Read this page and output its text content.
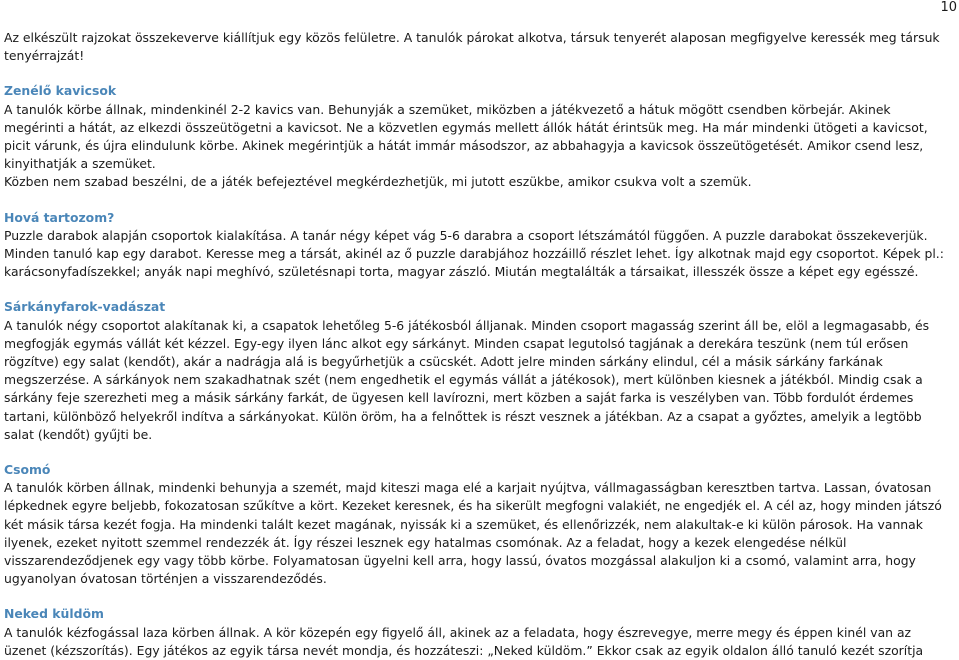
10

Az elkészült rajzokat összekeverve kiállítjuk egy közös felületre. A tanulók párokat alkotva, társuk tenyerét alaposan megfigyelve keressék meg társuk tenyérrajzát!

Zenélő kavicsok

A tanulók körbe állnak, mindenkinél 2-2 kavics van. Behunyják a szemüket, miközben a játékvezető a hátuk mögött csendben körbejár. Akinek megérinti a hátát, az elkezdi összeütögetni a kavicsot. Ne a közvetlen egymás mellett állók hátát érintsük meg. Ha már mindenki ütögeti a kavicsot, picit várunk, és újra elindulunk körbe. Akinek megérintjük a hátát immár másodszor, az abbahagyja a kavicsok összeütögetését. Amikor csend lesz, kinyithatják a szemüket.

Közben nem szabad beszélni, de a játék befejeztével megkérdezhetjük, mi jutott eszükbe, amikor csukva volt a szemük.

Hová tartozom?

Puzzle darabok alapján csoportok kialakítása. A tanár négy képet vág 5-6 darabra a csoport létszámától függően. A puzzle darabokat összekeverjük. Minden tanuló kap egy darabot. Keresse meg a társát, akinél az ő puzzle darabjához hozzáillő részlet lehet. Így alkotnak majd egy csoportot. Képek pl.: karácsonyfadíszekkel; anyák napi meghívó, születésnapi torta, magyar zászló. Miután megtalálták a társaikat, illesszék össze a képet egy egésszé.

Sárkányfarok-vadászat

A tanulók négy csoportot alakítanak ki, a csapatok lehetőleg 5-6 játékosból álljanak. Minden csoport magasság szerint áll be, elöl a legmagasabb, és megfogják egymás vállát két kézzel. Egy-egy ilyen lánc alkot egy sárkányt. Minden csapat legutolsó tagjának a derekára teszünk (nem túl erősen rögzítve) egy salat (kendőt), akár a nadrágja alá is begyűrhetjük a csücskét. Adott jelre minden sárkány elindul, cél a másik sárkány farkának megszerzése. A sárkányok nem szakadhatnak szét (nem engedhetik el egymás vállát a játékosok), mert különben kiesnek a játékból. Mindig csak a sárkány feje szerezheti meg a másik sárkány farkát, de ügyesen kell lavírozni, mert közben a saját farka is veszélyben van. Több fordulót érdemes tartani, különböző helyekről indítva a sárkányokat. Külön öröm, ha a felnőttek is részt vesznek a játékban. Az a csapat a győztes, amelyik a legtöbb salat (kendőt) gyűjti be.

Csomó

A tanulók körben állnak, mindenki behunyja a szemét, majd kiteszi maga elé a karjait nyújtva, vállmagasságban keresztben tartva. Lassan, óvatosan lépkednek egyre beljebb, fokozatosan szűkítve a kört. Kezeket keresnek, és ha sikerült megfogni valakiét, ne engedjék el. A cél az, hogy minden játszó két másik társa kezét fogja. Ha mindenki talált kezet magának, nyissák ki a szemüket, és ellenőrizzék, nem alakultak-e ki külön párosok. Ha vannak ilyenek, ezeket nyitott szemmel rendezzék át. Így részei lesznek egy hatalmas csomónak. Az a feladat, hogy a kezek elengedése nélkül visszarendeződjenek egy vagy több körbe. Folyamatosan ügyelni kell arra, hogy lassú, óvatos mozgással alakuljon ki a csomó, valamint arra, hogy ugyanolyan óvatosan történjen a visszarendeződés.

Neked küldöm

A tanulók kézfogással laza körben állnak. A kör közepén egy figyelő áll, akinek az a feladata, hogy észrevegye, merre megy és éppen kinél van az üzenet (kézszorítás). Egy játékos az egyik társa nevét mondja, és hozzáteszi: „Neked küldöm.” Ekkor csak az egyik oldalon álló tanuló kezét szorítja
